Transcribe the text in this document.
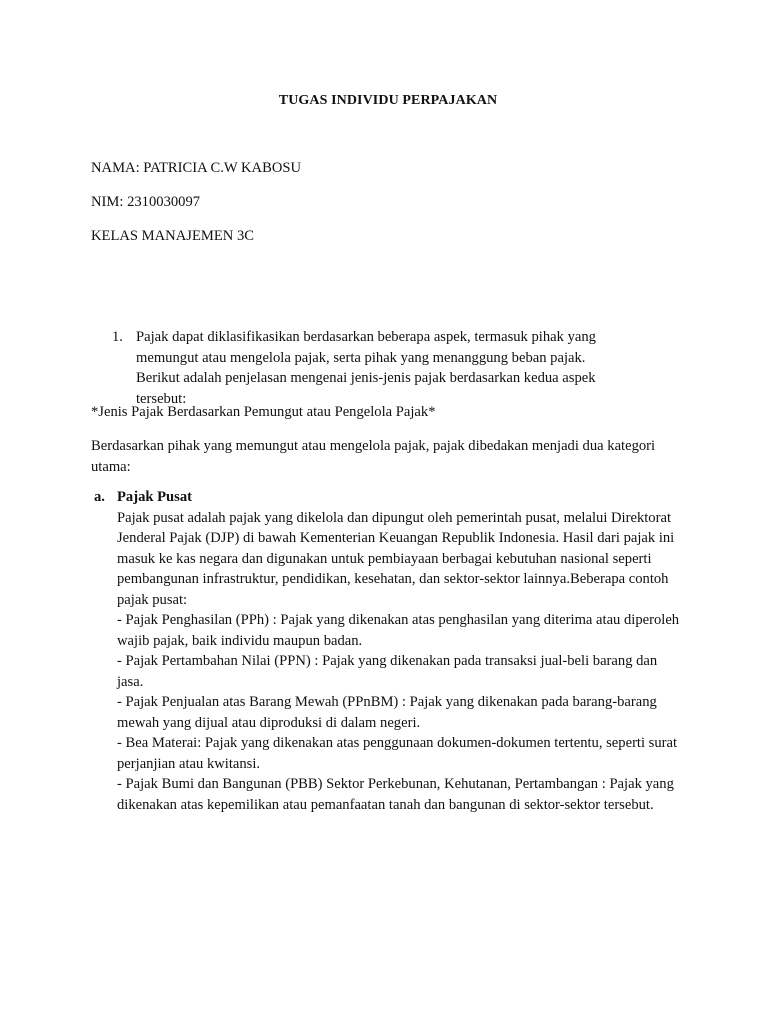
TUGAS INDIVIDU PERPAJAKAN
NAMA: PATRICIA C.W KABOSU
NIM: 2310030097
KELAS MANAJEMEN 3C
1. Pajak dapat diklasifikasikan berdasarkan beberapa aspek, termasuk pihak yang memungut atau mengelola pajak, serta pihak yang menanggung beban pajak. Berikut adalah penjelasan mengenai jenis-jenis pajak berdasarkan kedua aspek tersebut:
*Jenis Pajak Berdasarkan Pemungut atau Pengelola Pajak*
Berdasarkan pihak yang memungut atau mengelola pajak, pajak dibedakan menjadi dua kategori utama:
a. Pajak Pusat
Pajak pusat adalah pajak yang dikelola dan dipungut oleh pemerintah pusat, melalui Direktorat Jenderal Pajak (DJP) di bawah Kementerian Keuangan Republik Indonesia. Hasil dari pajak ini masuk ke kas negara dan digunakan untuk pembiayaan berbagai kebutuhan nasional seperti pembangunan infrastruktur, pendidikan, kesehatan, dan sektor-sektor lainnya.Beberapa contoh pajak pusat:
- Pajak Penghasilan (PPh) : Pajak yang dikenakan atas penghasilan yang diterima atau diperoleh wajib pajak, baik individu maupun badan.
- Pajak Pertambahan Nilai (PPN) : Pajak yang dikenakan pada transaksi jual-beli barang dan jasa.
- Pajak Penjualan atas Barang Mewah (PPnBM) : Pajak yang dikenakan pada barang-barang mewah yang dijual atau diproduksi di dalam negeri.
- Bea Materai: Pajak yang dikenakan atas penggunaan dokumen-dokumen tertentu, seperti surat perjanjian atau kwitansi.
- Pajak Bumi dan Bangunan (PBB) Sektor Perkebunan, Kehutanan, Pertambangan : Pajak yang dikenakan atas kepemilikan atau pemanfaatan tanah dan bangunan di sektor-sektor tersebut.
